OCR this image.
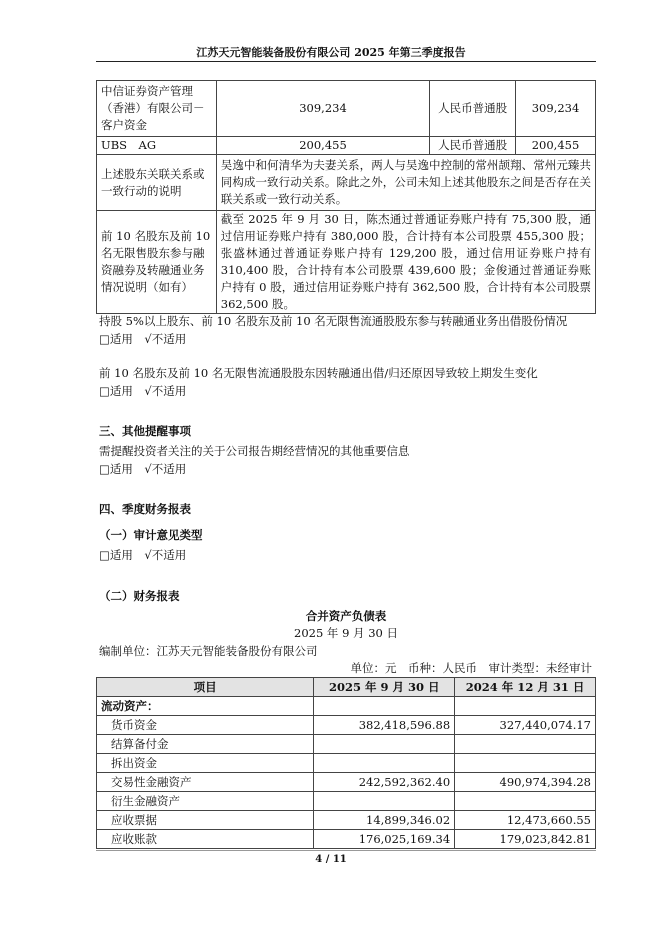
江苏天元智能装备股份有限公司 2025 年第三季度报告
中信证券资产管理（香港）有限公司－客户资金	309,234	人民币普通股	309,234
UBS　AG	200,455	人民币普通股	200,455
上述股东关联关系或一致行动的说明	吴逸中和何清华为夫妻关系，两人与吴逸中控制的常州颉翔、常州元臻共同构成一致行动关系。除此之外，公司未知上述其他股东之间是否存在关联关系或一致行动关系。		
前 10 名股东及前 10 名无限售股东参与融资融券及转融通业务情况说明（如有）	截至 2025 年 9 月 30 日，陈杰通过普通证券账户持有 75,300 股，通过信用证券账户持有 380,000 股，合计持有本公司股票 455,300 股；张盛林通过普通证券账户持有 129,200 股，通过信用证券账户持有 310,400 股，合计持有本公司股票 439,600 股；金俊通过普通证券账户持有 0 股，通过信用证券账户持有 362,500 股，合计持有本公司股票 362,500 股。		
持股 5%以上股东、前 10 名股东及前 10 名无限售流通股股东参与转融通业务出借股份情况
□适用　√不适用
前 10 名股东及前 10 名无限售流通股股东因转融通出借/归还原因导致较上期发生变化
□适用　√不适用
三、其他提醒事项
需提醒投资者关注的关于公司报告期经营情况的其他重要信息
□适用　√不适用
四、季度财务报表
（一）审计意见类型
□适用　√不适用
（二）财务报表
合并资产负债表
2025 年 9 月 30 日
编制单位：江苏天元智能装备股份有限公司
单位：元　币种：人民币　审计类型：未经审计
项目	2025 年 9 月 30 日	2024 年 12 月 31 日
流动资产：		
货币资金	382,418,596.88	327,440,074.17
结算备付金		
拆出资金		
交易性金融资产	242,592,362.40	490,974,394.28
衍生金融资产		
应收票据	14,899,346.02	12,473,660.55
应收账款	176,025,169.34	179,023,842.81
4 / 11
